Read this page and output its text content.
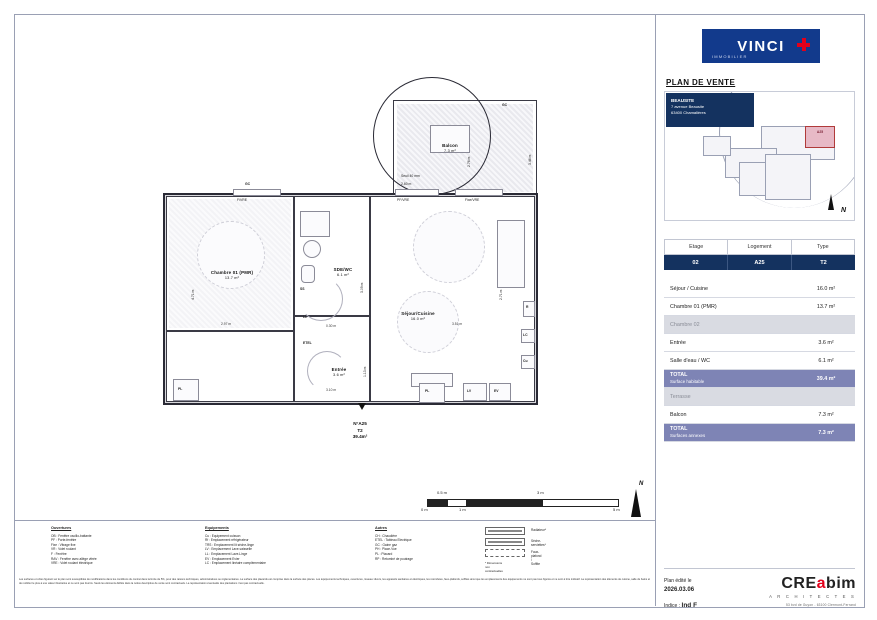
Balcon
7.3 m²
Seuil 40 mm
2.60 m
2.76 m	3.46 m
GC
Chambre 01 (PMR)
13.7 m²
4.71 m
2.97 m
PL
SDE/WC
6.1 m²
3.09 m
SS
LL
0.30 m
ETEL
Entrée
3.6 m²
3.10 m
1.13 m
Séjour/Cuisine
16.0 m²
3.51 m
2.71 m
R
LC
Cu
PL	LV	EV
GC
F/VRE	PF/VRE	Fixe/VRE
N°A25
T2
39.4m²
0 m
0.5 m
1 m
3 m
5 m
N
Ouvertures
OB : Fenêtre oscillo-battante
PF : Porte-fenêtre
Fixe : Vitrage fixe
VR : Volet roulant
F : Fenêtre
RAV : Fenêtre avec allège vitrée
VRE : Volet roulant électrique
Equipements
Cu : Equipement cuisson
Rf : Emplacement réfrigérateur
TRS : Emplacement lit sèche-linge
LV : Emplacement Lave-vaisselle
LL : Emplacement Lave-Linge
EV : Emplacement Evier
LC : Emplacement linéaire complémentaire
Autres
CH : Chaudière
ETEL : Tableau Electrique
GC : Gaine gaz
PH : Place-Vue
PL : Placard
RP : Retombé de poutrage
Radiateur*
Sèche-serviettes*
Faux-plafond / Soffite
* Dimensions non contractuelles
Les surfaces et côtes figurant sur le plan sont susceptibles de modifications dans les conditions du contrat dans la limite de 5%, pour des raisons techniques, administratives ou réglementaires. La surface des placards est comprise dans la surface des pièces. Les équipements techniques, ouvertures, réseaux divers, les appareils sanitaires et électriques, les retombées, faux-plafonds, soffites ainsi que les emplacements des équipements ne sont pas tous figurés et ne sont à titre indicatif. La représentation des éléments de cuisine, salle de bains et de mobilier le plus à une valeur illustrative et ne sont pas fournis. Seuls les éléments défilés dans la notice descriptive de vente sont contractuels. La représentation éventuelle des plantations n'est pas contractuelle.
VINCI
IMMOBILIER
PLAN DE VENTE
A25
N
BEAUSITE
7 avenue Beausite
63400 Chamalières
Etage	Logement	Type
02	A25	T2
Séjour / Cuisine	16.0 m²
Chambre 01 (PMR)	13.7 m²
Chambre 02
Entrée	3.6 m²
Salle d'eau / WC	6.1 m²
TOTAL
Surface habitable
39.4 m²
Terrasse
Balcon	7.3 m²
TOTAL
Surfaces annexes
7.3 m²
Plan édité le
2026.03.06
Indice : Ind F
CREabim
A R C H I T E C T E S
53 bvd de Guyon - 63100 Clermont-Ferrand
